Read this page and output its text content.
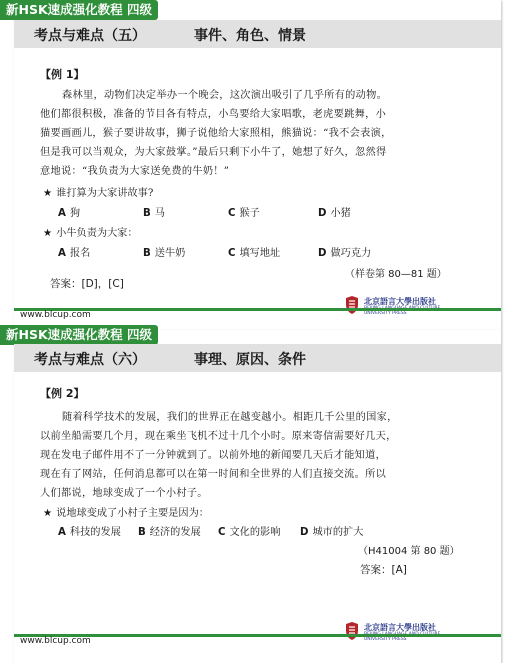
新HSK速成强化教程 四级
考点与难点（五）	事件、角色、情景
【例 1】

森林里，动物们决定举办一个晚会，这次演出吸引了几乎所有的动物。

他们都很积极，准备的节目各有特点，小鸟要给大家唱歌，老虎要跳舞，小
猫要画画儿，猴子要讲故事，狮子说他给大家照相，熊猫说：“我不会表演，
但是我可以当观众，为大家鼓掌。”最后只剩下小牛了，她想了好久，忽然得
意地说：“我负责为大家送免费的牛奶！”
★ 谁打算为大家讲故事?
A 狗	B 马	C 猴子	D 小猪
★ 小牛负责为大家：
A 报名	B 送牛奶	C 填写地址	D 做巧克力
（样卷第 80—81 题）
答案：[D]，[C]
北京語言大學出版社
UNIVERSITY PRESS
www.blcup.com
新HSK速成强化教程 四级
考点与难点（六）	事理、原因、条件
【例 2】

随着科学技术的发展，我们的世界正在越变越小。相距几千公里的国家，

以前坐船需要几个月，现在乘坐飞机不过十几个小时。原来寄信需要好几天，
现在发电子邮件用不了一分钟就到了。以前外地的新闻要几天后才能知道，
现在有了网站，任何消息都可以在第一时间和全世界的人们直接交流。所以
人们都说，地球变成了一个小村子。
★ 说地球变成了小村子主要是因为：
A 科技的发展 B 经济的发展 C 文化的影响 D 城市的扩大
（H41004 第 80 题）
答案：[A]
北京語言大學出版社
UNIVERSITY PRESS
www.blcup.com
